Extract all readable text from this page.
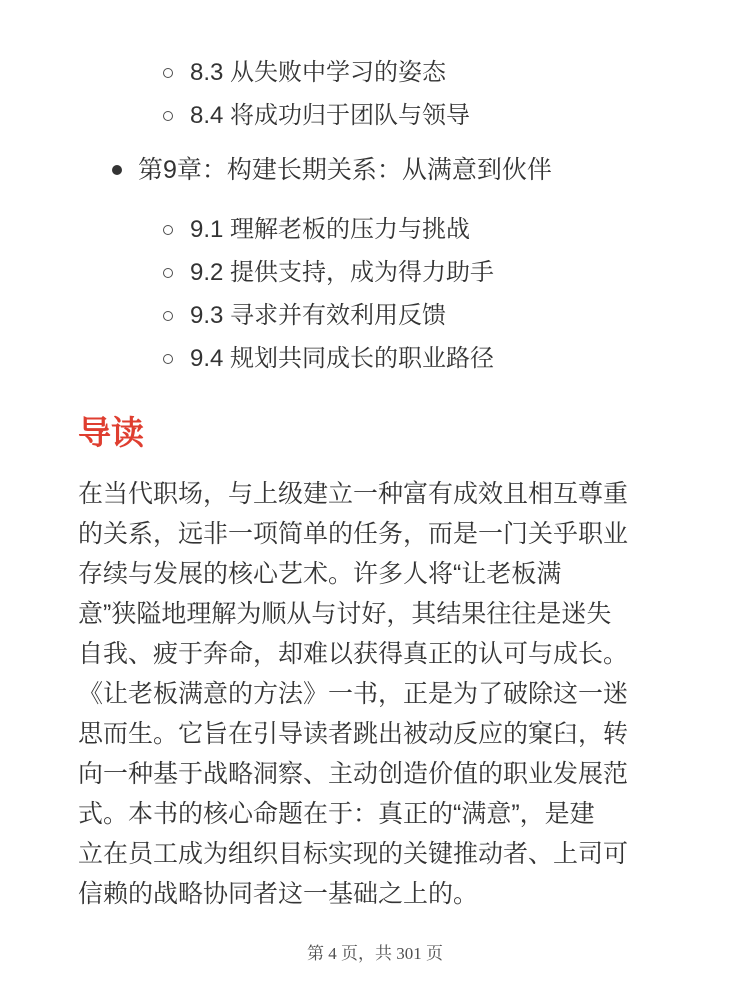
8.3 从失败中学习的姿态
8.4 将成功归于团队与领导
第9章：构建长期关系：从满意到伙伴
9.1 理解老板的压力与挑战
9.2 提供支持，成为得力助手
9.3 寻求并有效利用反馈
9.4 规划共同成长的职业路径
导读
在当代职场，与上级建立一种富有成效且相互尊重
的关系，远非一项简单的任务，而是一门关乎职业
存续与发展的核心艺术。许多人将“让老板满
意”狭隘地理解为顺从与讨好，其结果往往是迷失
自我、疲于奔命，却难以获得真正的认可与成长。
《让老板满意的方法》一书，正是为了破除这一迷
思而生。它旨在引导读者跳出被动反应的窠臼，转
向一种基于战略洞察、主动创造价值的职业发展范
式。本书的核心命题在于：真正的“满意”，是建
立在员工成为组织目标实现的关键推动者、上司可
信赖的战略协同者这一基础之上的。
第 4 页，共 301 页
